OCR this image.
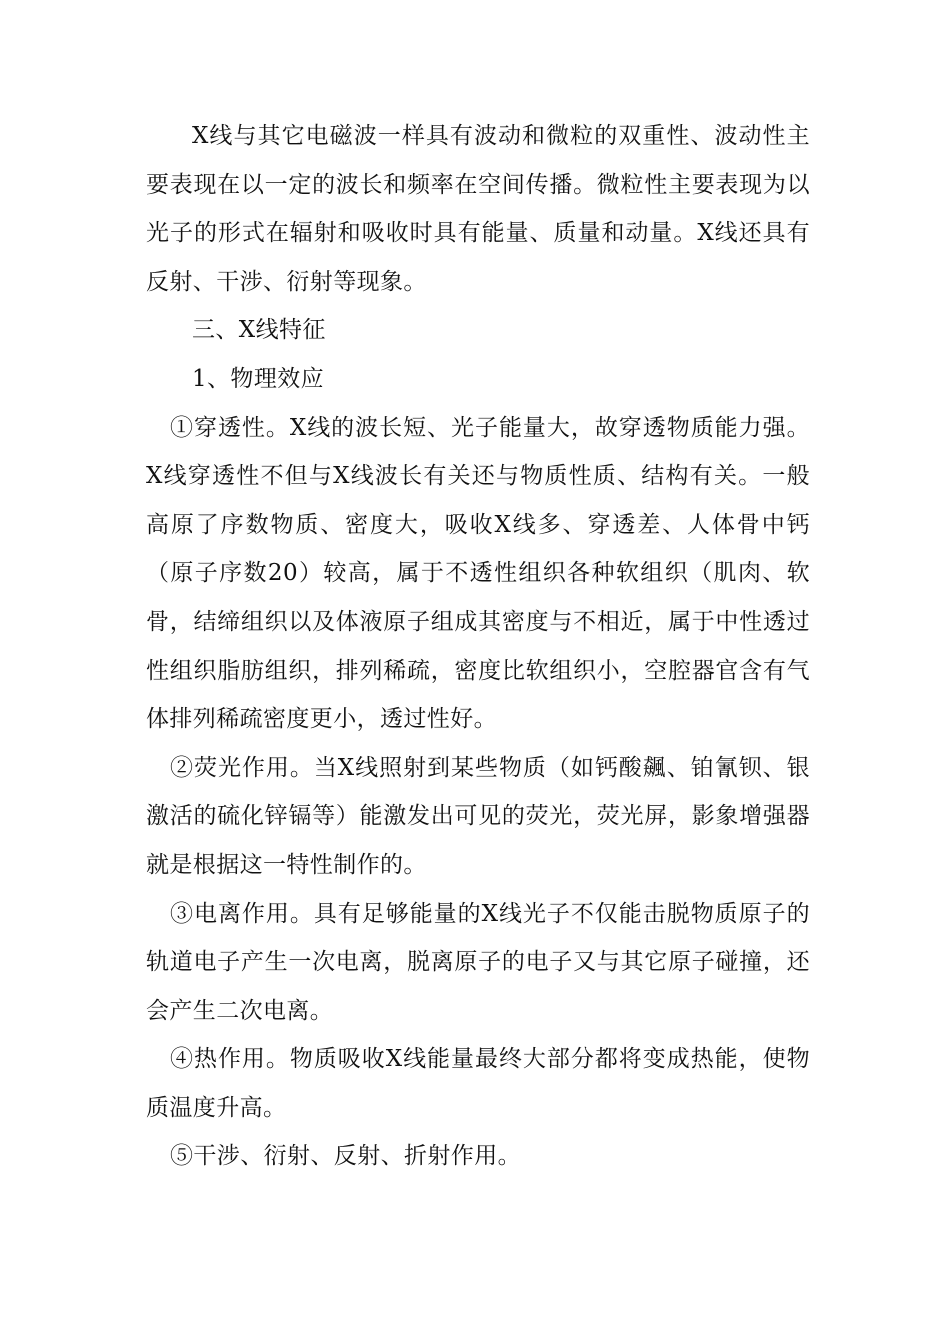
X线与其它电磁波一样具有波动和微粒的双重性、波动性主要表现在以一定的波长和频率在空间传播。微粒性主要表现为以光子的形式在辐射和吸收时具有能量、质量和动量。X线还具有反射、干涉、衍射等现象。

三、X线特征

1、物理效应

①穿透性。X线的波长短、光子能量大，故穿透物质能力强。X线穿透性不但与X线波长有关还与物质性质、结构有关。一般高原了序数物质、密度大，吸收X线多、穿透差、人体骨中钙（原子序数20）较高，属于不透性组织各种软组织（肌肉、软骨，结缔组织以及体液原子组成其密度与不相近，属于中性透过性组织脂肪组织，排列稀疏，密度比软组织小，空腔器官含有气体排列稀疏密度更小，透过性好。

②荧光作用。当X线照射到某些物质（如钙酸飆、铂氰钡、银激活的硫化锌镉等）能激发出可见的荧光，荧光屏，影象增强器就是根据这一特性制作的。

③电离作用。具有足够能量的X线光子不仅能击脱物质原子的轨道电子产生一次电离，脱离原子的电子又与其它原子碰撞，还会产生二次电离。

④热作用。物质吸收X线能量最终大部分都将变成热能，使物质温度升高。

⑤干涉、衍射、反射、折射作用。
